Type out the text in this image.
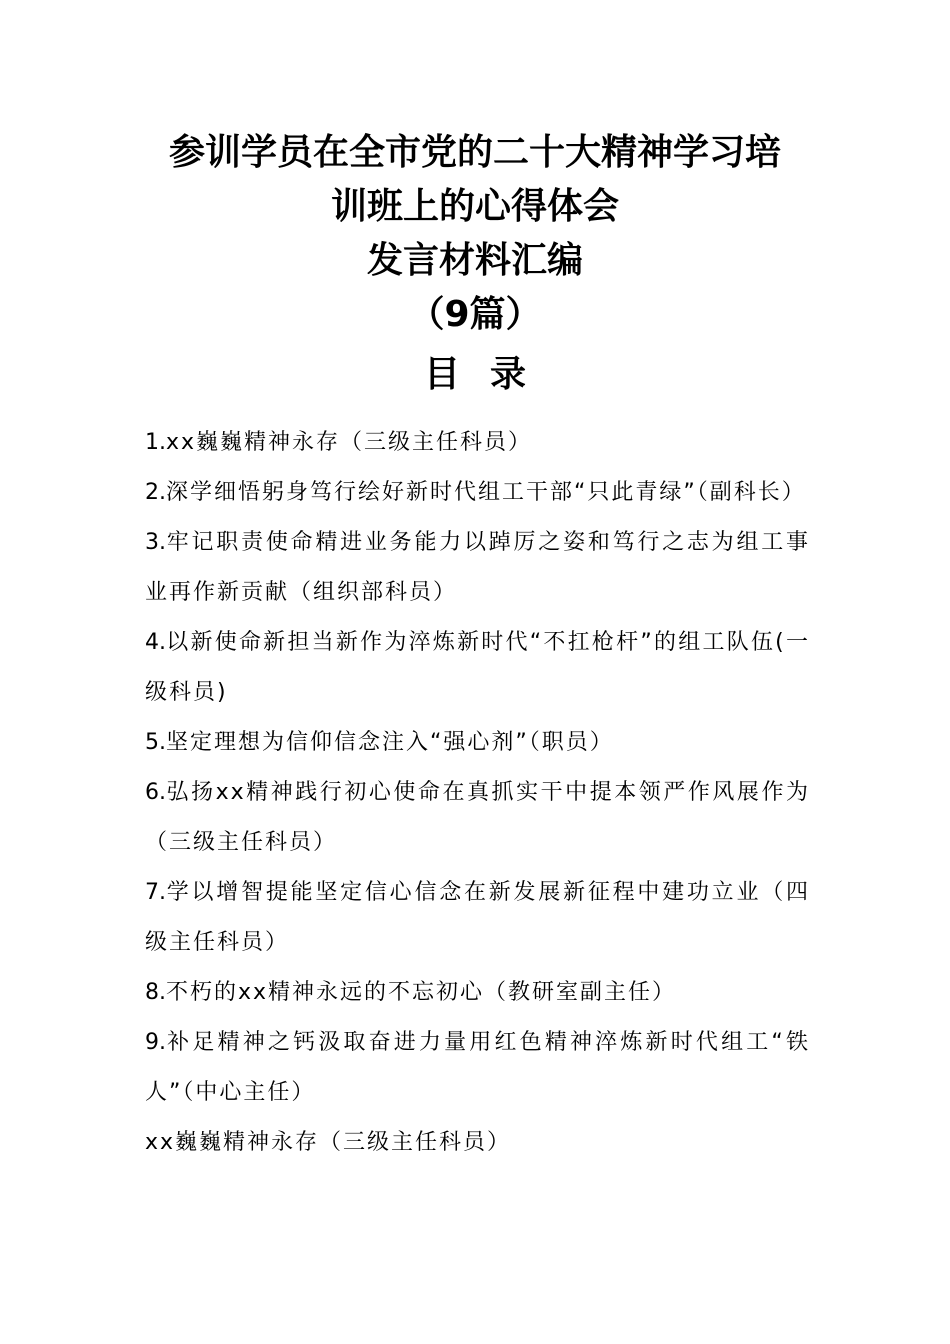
参训学员在全市党的二十大精神学习培
训班上的心得体会
发言材料汇编
（9篇）
目录
1.xx巍巍精神永存（三级主任科员）
2.深学细悟躬身笃行绘好新时代组工干部“只此青绿”（副科长）
3.牢记职责使命精进业务能力以踔厉之姿和笃行之志为组工事业再作新贡献（组织部科员）
4.以新使命新担当新作为淬炼新时代“不扛枪杆”的组工队伍(一级科员)
5.坚定理想为信仰信念注入“强心剂”（职员）
6.弘扬xx精神践行初心使命在真抓实干中提本领严作风展作为（三级主任科员）
7.学以增智提能坚定信心信念在新发展新征程中建功立业（四级主任科员）
8.不朽的xx精神永远的不忘初心（教研室副主任）
9.补足精神之钙汲取奋进力量用红色精神淬炼新时代组工“铁人”（中心主任）
xx巍巍精神永存（三级主任科员）
